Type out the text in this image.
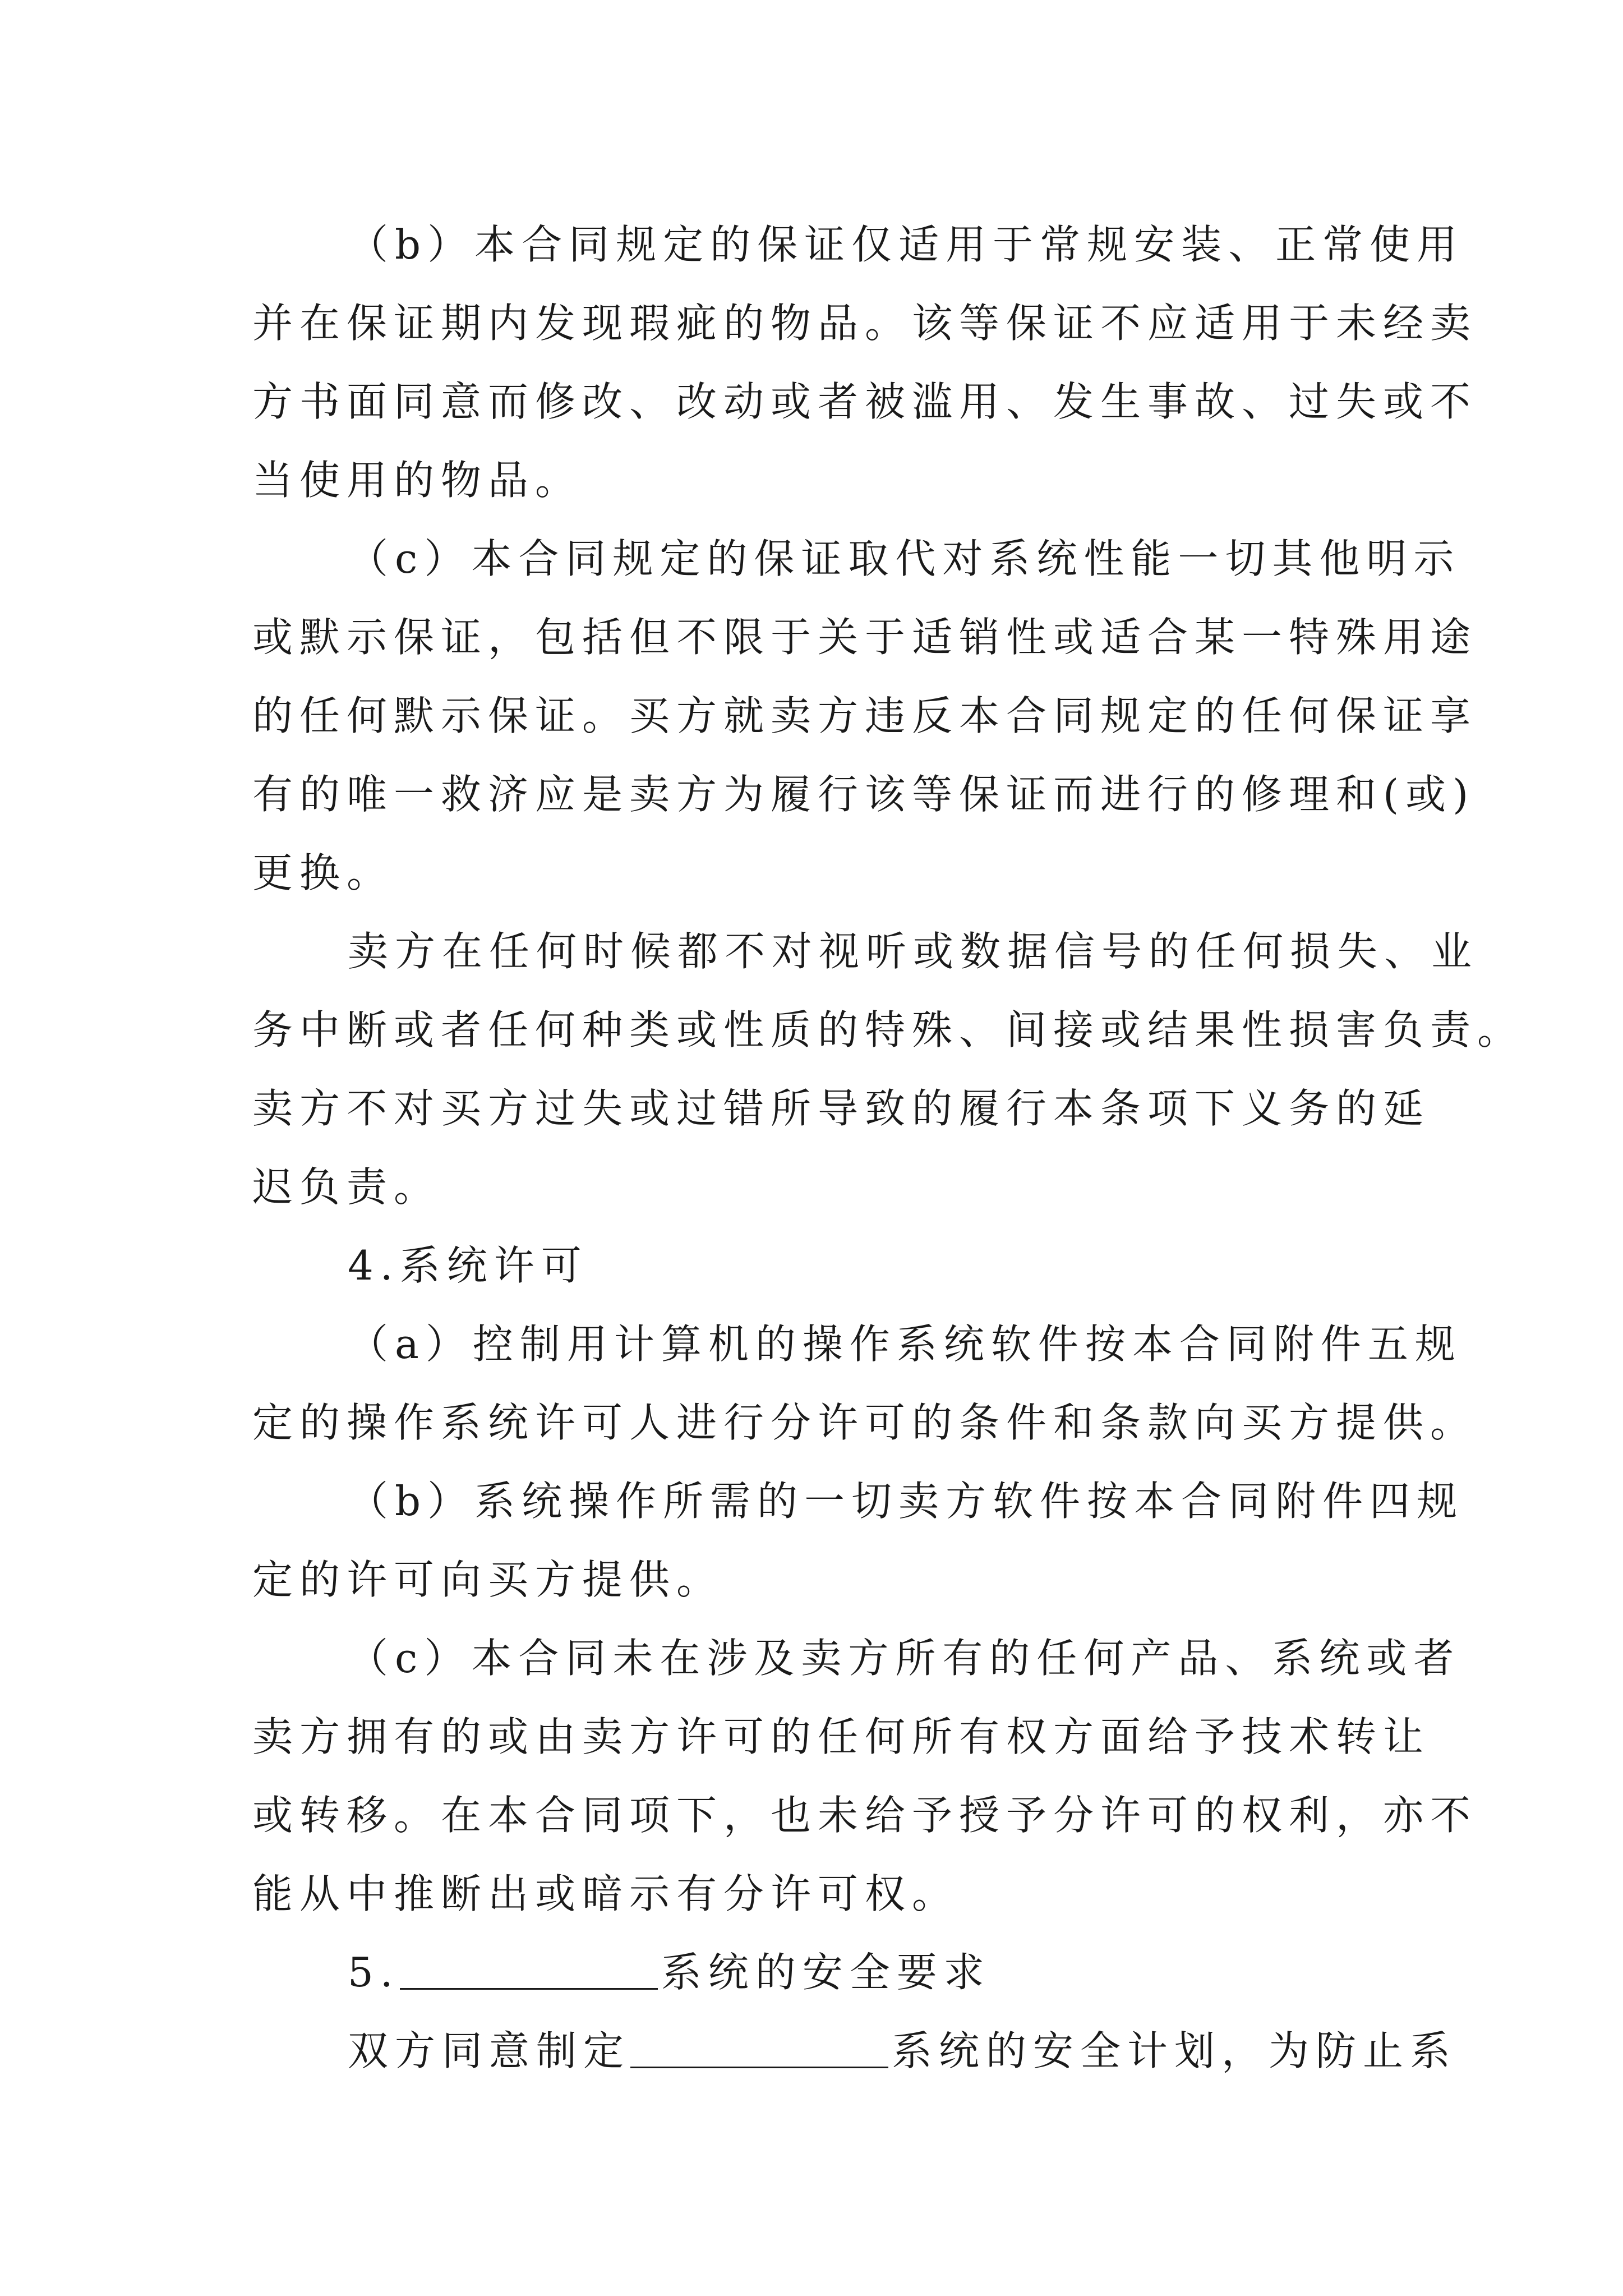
（b）本合同规定的保证仅适用于常规安装、正常使用
并在保证期内发现瑕疵的物品。该等保证不应适用于未经卖
方书面同意而修改、改动或者被滥用、发生事故、过失或不
当使用的物品。
（c）本合同规定的保证取代对系统性能一切其他明示
或默示保证，包括但不限于关于适销性或适合某一特殊用途
的任何默示保证。买方就卖方违反本合同规定的任何保证享
有的唯一救济应是卖方为履行该等保证而进行的修理和(或)
更换。
卖方在任何时候都不对视听或数据信号的任何损失、业
务中断或者任何种类或性质的特殊、间接或结果性损害负责。
卖方不对买方过失或过错所导致的履行本条项下义务的延
迟负责。
4.系统许可
（a）控制用计算机的操作系统软件按本合同附件五规
定的操作系统许可人进行分许可的条件和条款向买方提供。
（b）系统操作所需的一切卖方软件按本合同附件四规
定的许可向买方提供。
（c）本合同未在涉及卖方所有的任何产品、系统或者
卖方拥有的或由卖方许可的任何所有权方面给予技术转让
或转移。在本合同项下，也未给予授予分许可的权利，亦不
能从中推断出或暗示有分许可权。
5.	系统的安全要求
双方同意制定	系统的安全计划，为防止系
